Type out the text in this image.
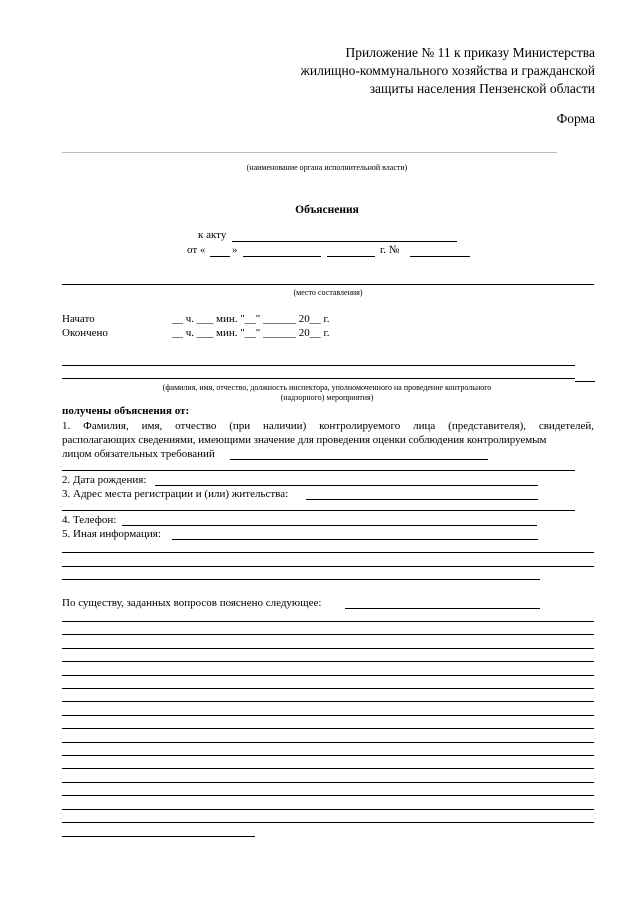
Приложение № 11 к приказу Министерства
жилищно-коммунального хозяйства и гражданской
защиты населения Пензенской области
Форма
(наименование органа исполнительной власти)
Объяснения
к акту
от « »	г. №
(место составления)
Начато	__ ч. ___ мин. "__" ______ 20__ г.
Окончено	__ ч. ___ мин. "__" ______ 20__ г.
(фамилия, имя, отчество, должность инспектора, уполномоченного на проведение контрольного
(надзорного) мероприятия)
получены объяснения от:
1. Фамилия, имя, отчество (при наличии) контролируемого лица (представителя), свидетелей,
располагающих сведениями, имеющими значение для проведения оценки соблюдения контролируемым
лицом обязательных требований
2. Дата рождения:
3. Адрес места регистрации и (или) жительства:
4. Телефон:
5. Иная информация:
По существу, заданных вопросов пояснено следующее:
